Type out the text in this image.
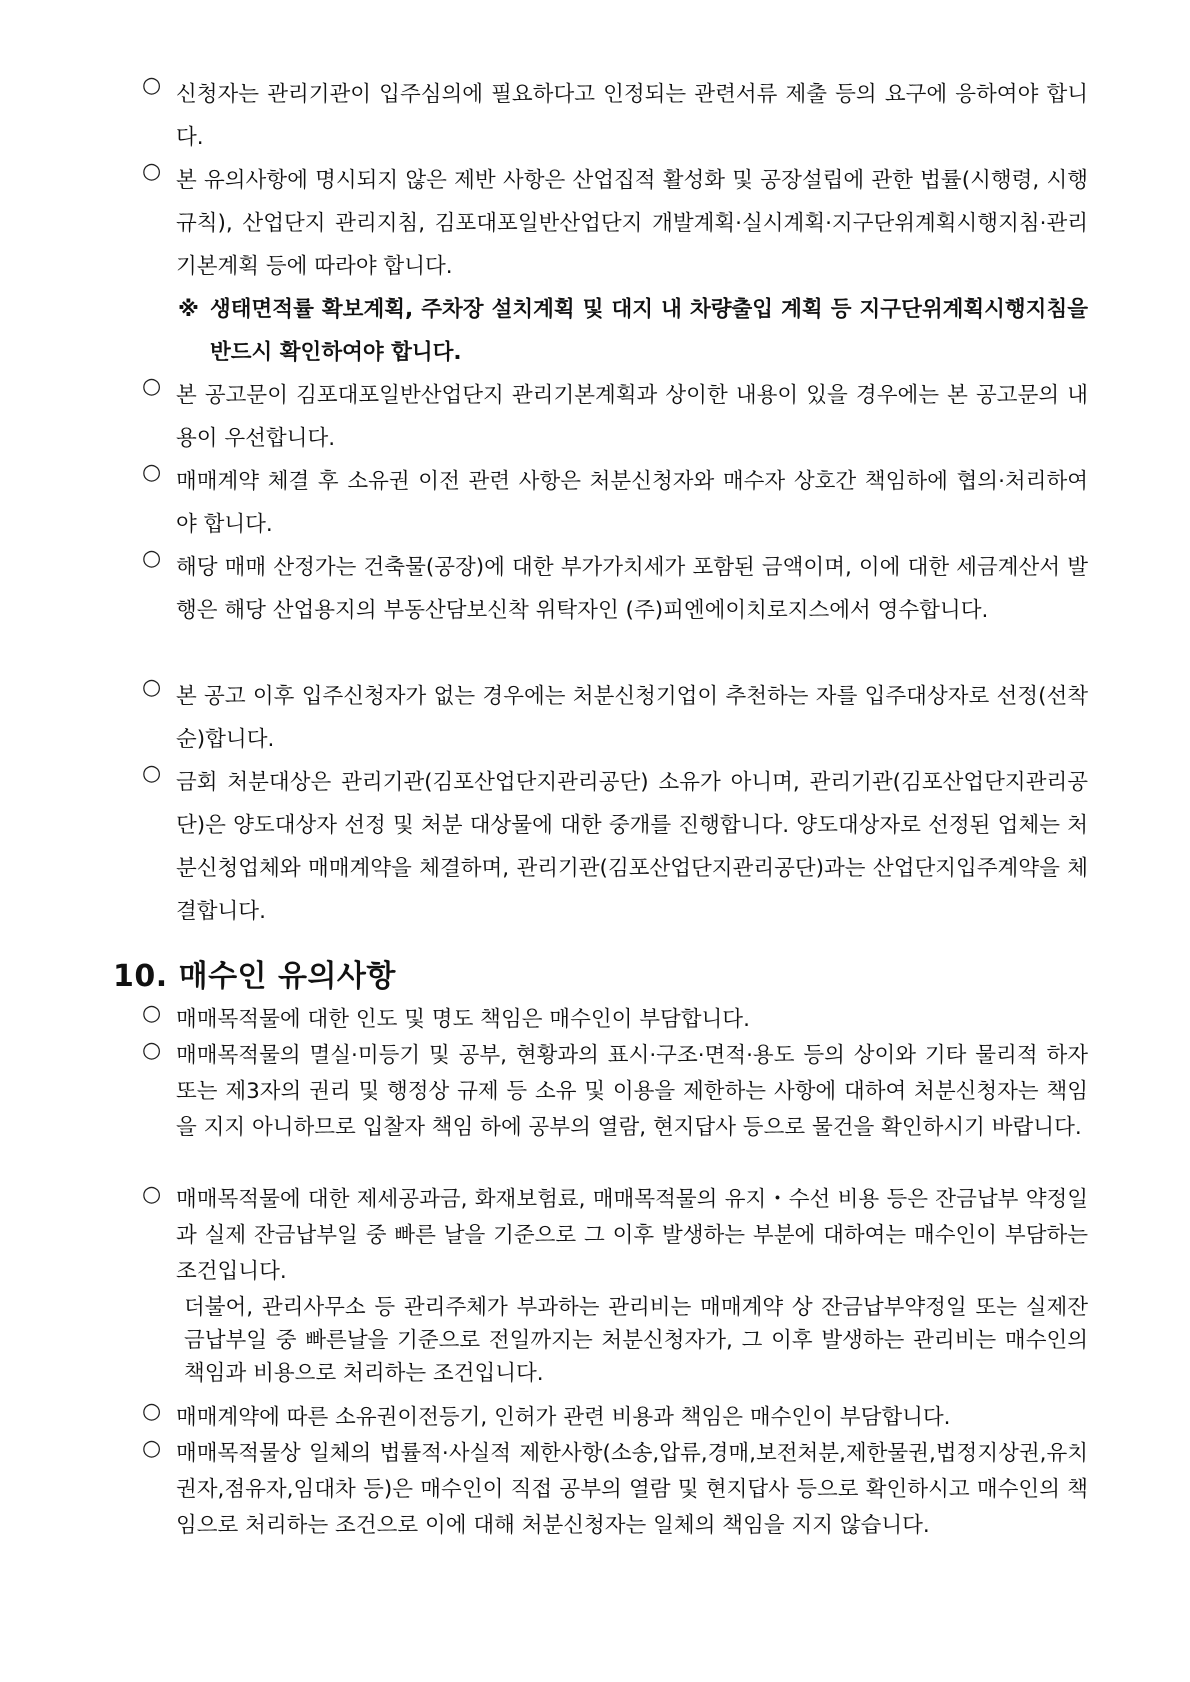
○ 신청자는 관리기관이 입주심의에 필요하다고 인정되는 관련서류 제출 등의 요구에 응하여야 합니다.
○ 본 유의사항에 명시되지 않은 제반 사항은 산업집적 활성화 및 공장설립에 관한 법률(시행령, 시행규칙), 산업단지 관리지침, 김포대포일반산업단지 개발계획·실시계획·지구단위계획시행지침·관리기본계획 등에 따라야 합니다.
※ 생태면적률 확보계획, 주차장 설치계획 및 대지 내 차량출입 계획 등 지구단위계획시행지침을 반드시 확인하여야 합니다.
○ 본 공고문이 김포대포일반산업단지 관리기본계획과 상이한 내용이 있을 경우에는 본 공고문의 내용이 우선합니다.
○ 매매계약 체결 후 소유권 이전 관련 사항은 처분신청자와 매수자 상호간 책임하에 협의·처리하여야 합니다.
○ 해당 매매 산정가는 건축물(공장)에 대한 부가가치세가 포함된 금액이며, 이에 대한 세금계산서 발행은 해당 산업용지의 부동산담보신착 위탁자인 (주)피엔에이치로지스에서 영수합니다.
○ 본 공고 이후 입주신청자가 없는 경우에는 처분신청기업이 추천하는 자를 입주대상자로 선정(선착순)합니다.
○ 금회 처분대상은 관리기관(김포산업단지관리공단) 소유가 아니며, 관리기관(김포산업단지관리공단)은 양도대상자 선정 및 처분 대상물에 대한 중개를 진행합니다. 양도대상자로 선정된 업체는 처분신청업체와 매매계약을 체결하며, 관리기관(김포산업단지관리공단)과는 산업단지입주계약을 체결합니다.
10. 매수인 유의사항
○ 매매목적물에 대한 인도 및 명도 책임은 매수인이 부담합니다.
○ 매매목적물의 멸실·미등기 및 공부, 현황과의 표시·구조·면적·용도 등의 상이와 기타 물리적 하자 또는 제3자의 권리 및 행정상 규제 등 소유 및 이용을 제한하는 사항에 대하여 처분신청자는 책임을 지지 아니하므로 입찰자 책임 하에 공부의 열람, 현지답사 등으로 물건을 확인하시기 바랍니다.
○ 매매목적물에 대한 제세공과금, 화재보험료, 매매목적물의 유지・수선 비용 등은 잔금납부 약정일과 실제 잔금납부일 중 빠른 날을 기준으로 그 이후 발생하는 부분에 대하여는 매수인이 부담하는 조건입니다.
더불어, 관리사무소 등 관리주체가 부과하는 관리비는 매매계약 상 잔금납부약정일 또는 실제잔금납부일 중 빠른날을 기준으로 전일까지는 처분신청자가, 그 이후 발생하는 관리비는 매수인의 책임과 비용으로 처리하는 조건입니다.
○ 매매계약에 따른 소유권이전등기, 인허가 관련 비용과 책임은 매수인이 부담합니다.
○ 매매목적물상 일체의 법률적·사실적 제한사항(소송,압류,경매,보전처분,제한물권,법정지상권,유치권자,점유자,임대차 등)은 매수인이 직접 공부의 열람 및 현지답사 등으로 확인하시고 매수인의 책임으로 처리하는 조건으로 이에 대해 처분신청자는 일체의 책임을 지지 않습니다.
